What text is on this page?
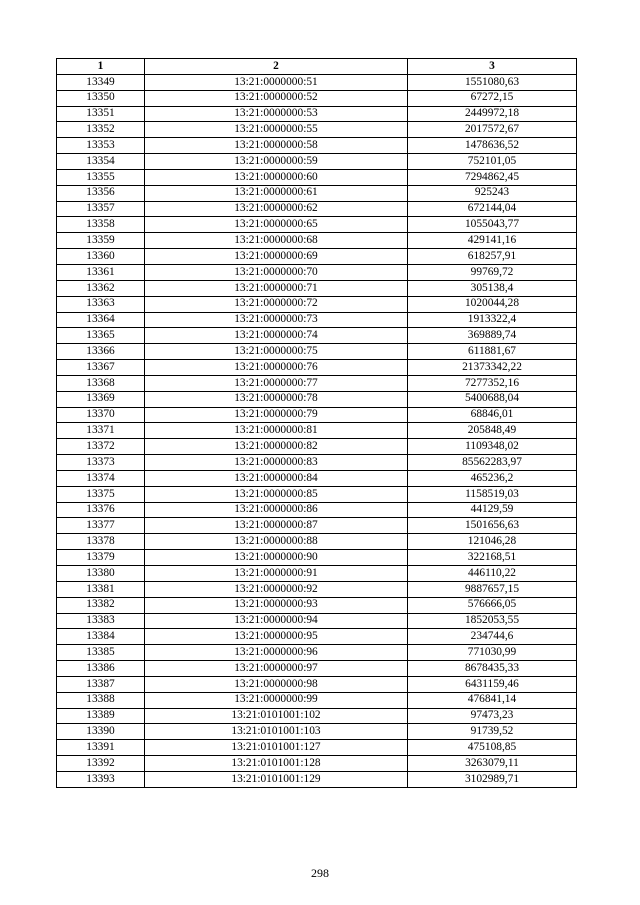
1	2	3
13349	13:21:0000000:51	1551080,63
13350	13:21:0000000:52	67272,15
13351	13:21:0000000:53	2449972,18
13352	13:21:0000000:55	2017572,67
13353	13:21:0000000:58	1478636,52
13354	13:21:0000000:59	752101,05
13355	13:21:0000000:60	7294862,45
13356	13:21:0000000:61	925243
13357	13:21:0000000:62	672144,04
13358	13:21:0000000:65	1055043,77
13359	13:21:0000000:68	429141,16
13360	13:21:0000000:69	618257,91
13361	13:21:0000000:70	99769,72
13362	13:21:0000000:71	305138,4
13363	13:21:0000000:72	1020044,28
13364	13:21:0000000:73	1913322,4
13365	13:21:0000000:74	369889,74
13366	13:21:0000000:75	611881,67
13367	13:21:0000000:76	21373342,22
13368	13:21:0000000:77	7277352,16
13369	13:21:0000000:78	5400688,04
13370	13:21:0000000:79	68846,01
13371	13:21:0000000:81	205848,49
13372	13:21:0000000:82	1109348,02
13373	13:21:0000000:83	85562283,97
13374	13:21:0000000:84	465236,2
13375	13:21:0000000:85	1158519,03
13376	13:21:0000000:86	44129,59
13377	13:21:0000000:87	1501656,63
13378	13:21:0000000:88	121046,28
13379	13:21:0000000:90	322168,51
13380	13:21:0000000:91	446110,22
13381	13:21:0000000:92	9887657,15
13382	13:21:0000000:93	576666,05
13383	13:21:0000000:94	1852053,55
13384	13:21:0000000:95	234744,6
13385	13:21:0000000:96	771030,99
13386	13:21:0000000:97	8678435,33
13387	13:21:0000000:98	6431159,46
13388	13:21:0000000:99	476841,14
13389	13:21:0101001:102	97473,23
13390	13:21:0101001:103	91739,52
13391	13:21:0101001:127	475108,85
13392	13:21:0101001:128	3263079,11
13393	13:21:0101001:129	3102989,71
298
